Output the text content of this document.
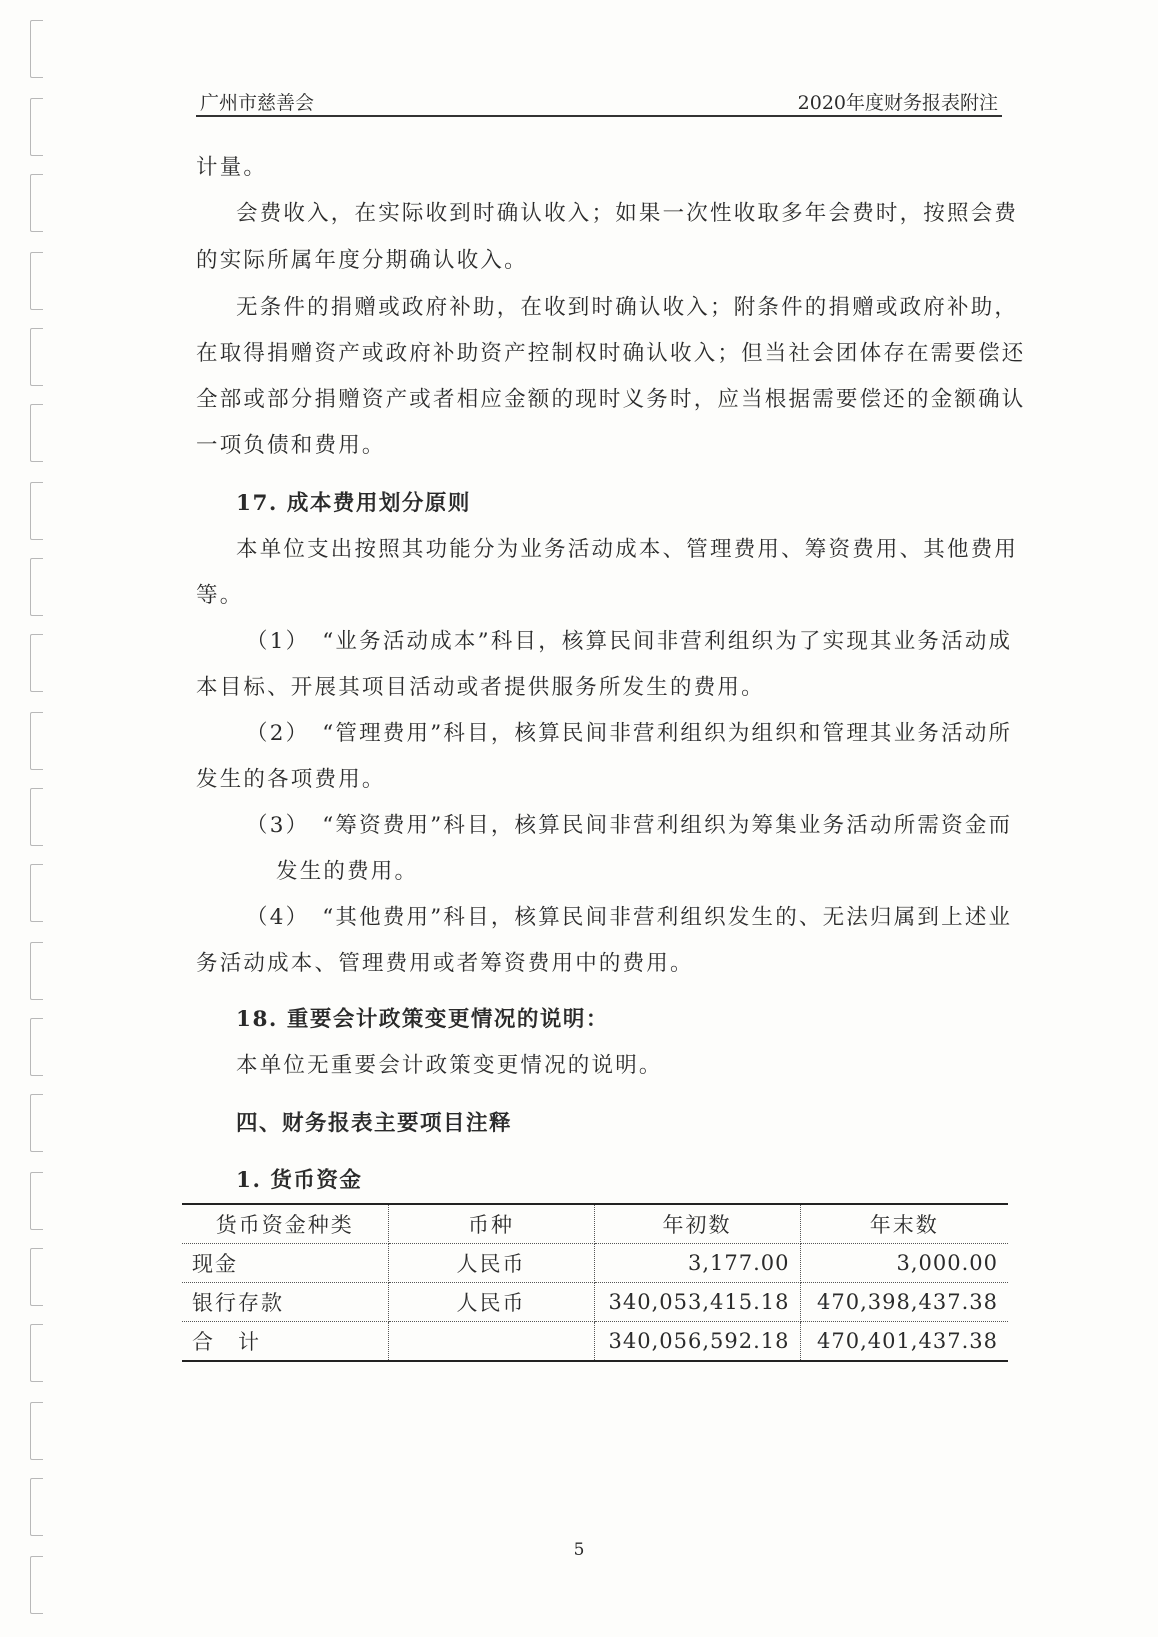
广州市慈善会	2020年度财务报表附注
计量。
会费收入，在实际收到时确认收入；如果一次性收取多年会费时，按照会费
的实际所属年度分期确认收入。
无条件的捐赠或政府补助，在收到时确认收入；附条件的捐赠或政府补助，
在取得捐赠资产或政府补助资产控制权时确认收入；但当社会团体存在需要偿还
全部或部分捐赠资产或者相应金额的现时义务时，应当根据需要偿还的金额确认
一项负债和费用。
17. 成本费用划分原则
本单位支出按照其功能分为业务活动成本、管理费用、筹资费用、其他费用
等。
（1）　“业务活动成本”科目，核算民间非营利组织为了实现其业务活动成
本目标、开展其项目活动或者提供服务所发生的费用。
（2）　“管理费用”科目，核算民间非营利组织为组织和管理其业务活动所
发生的各项费用。
（3）　“筹资费用”科目，核算民间非营利组织为筹集业务活动所需资金而
发生的费用。
（4）　“其他费用”科目，核算民间非营利组织发生的、无法归属到上述业
务活动成本、管理费用或者筹资费用中的费用。
18. 重要会计政策变更情况的说明：
本单位无重要会计政策变更情况的说明。
四、财务报表主要项目注释
1. 货币资金
货币资金种类	币种	年初数	年末数
现金	人民币	3,177.00	3,000.00
银行存款	人民币	340,053,415.18	470,398,437.38
合　计		340,056,592.18	470,401,437.38
5
